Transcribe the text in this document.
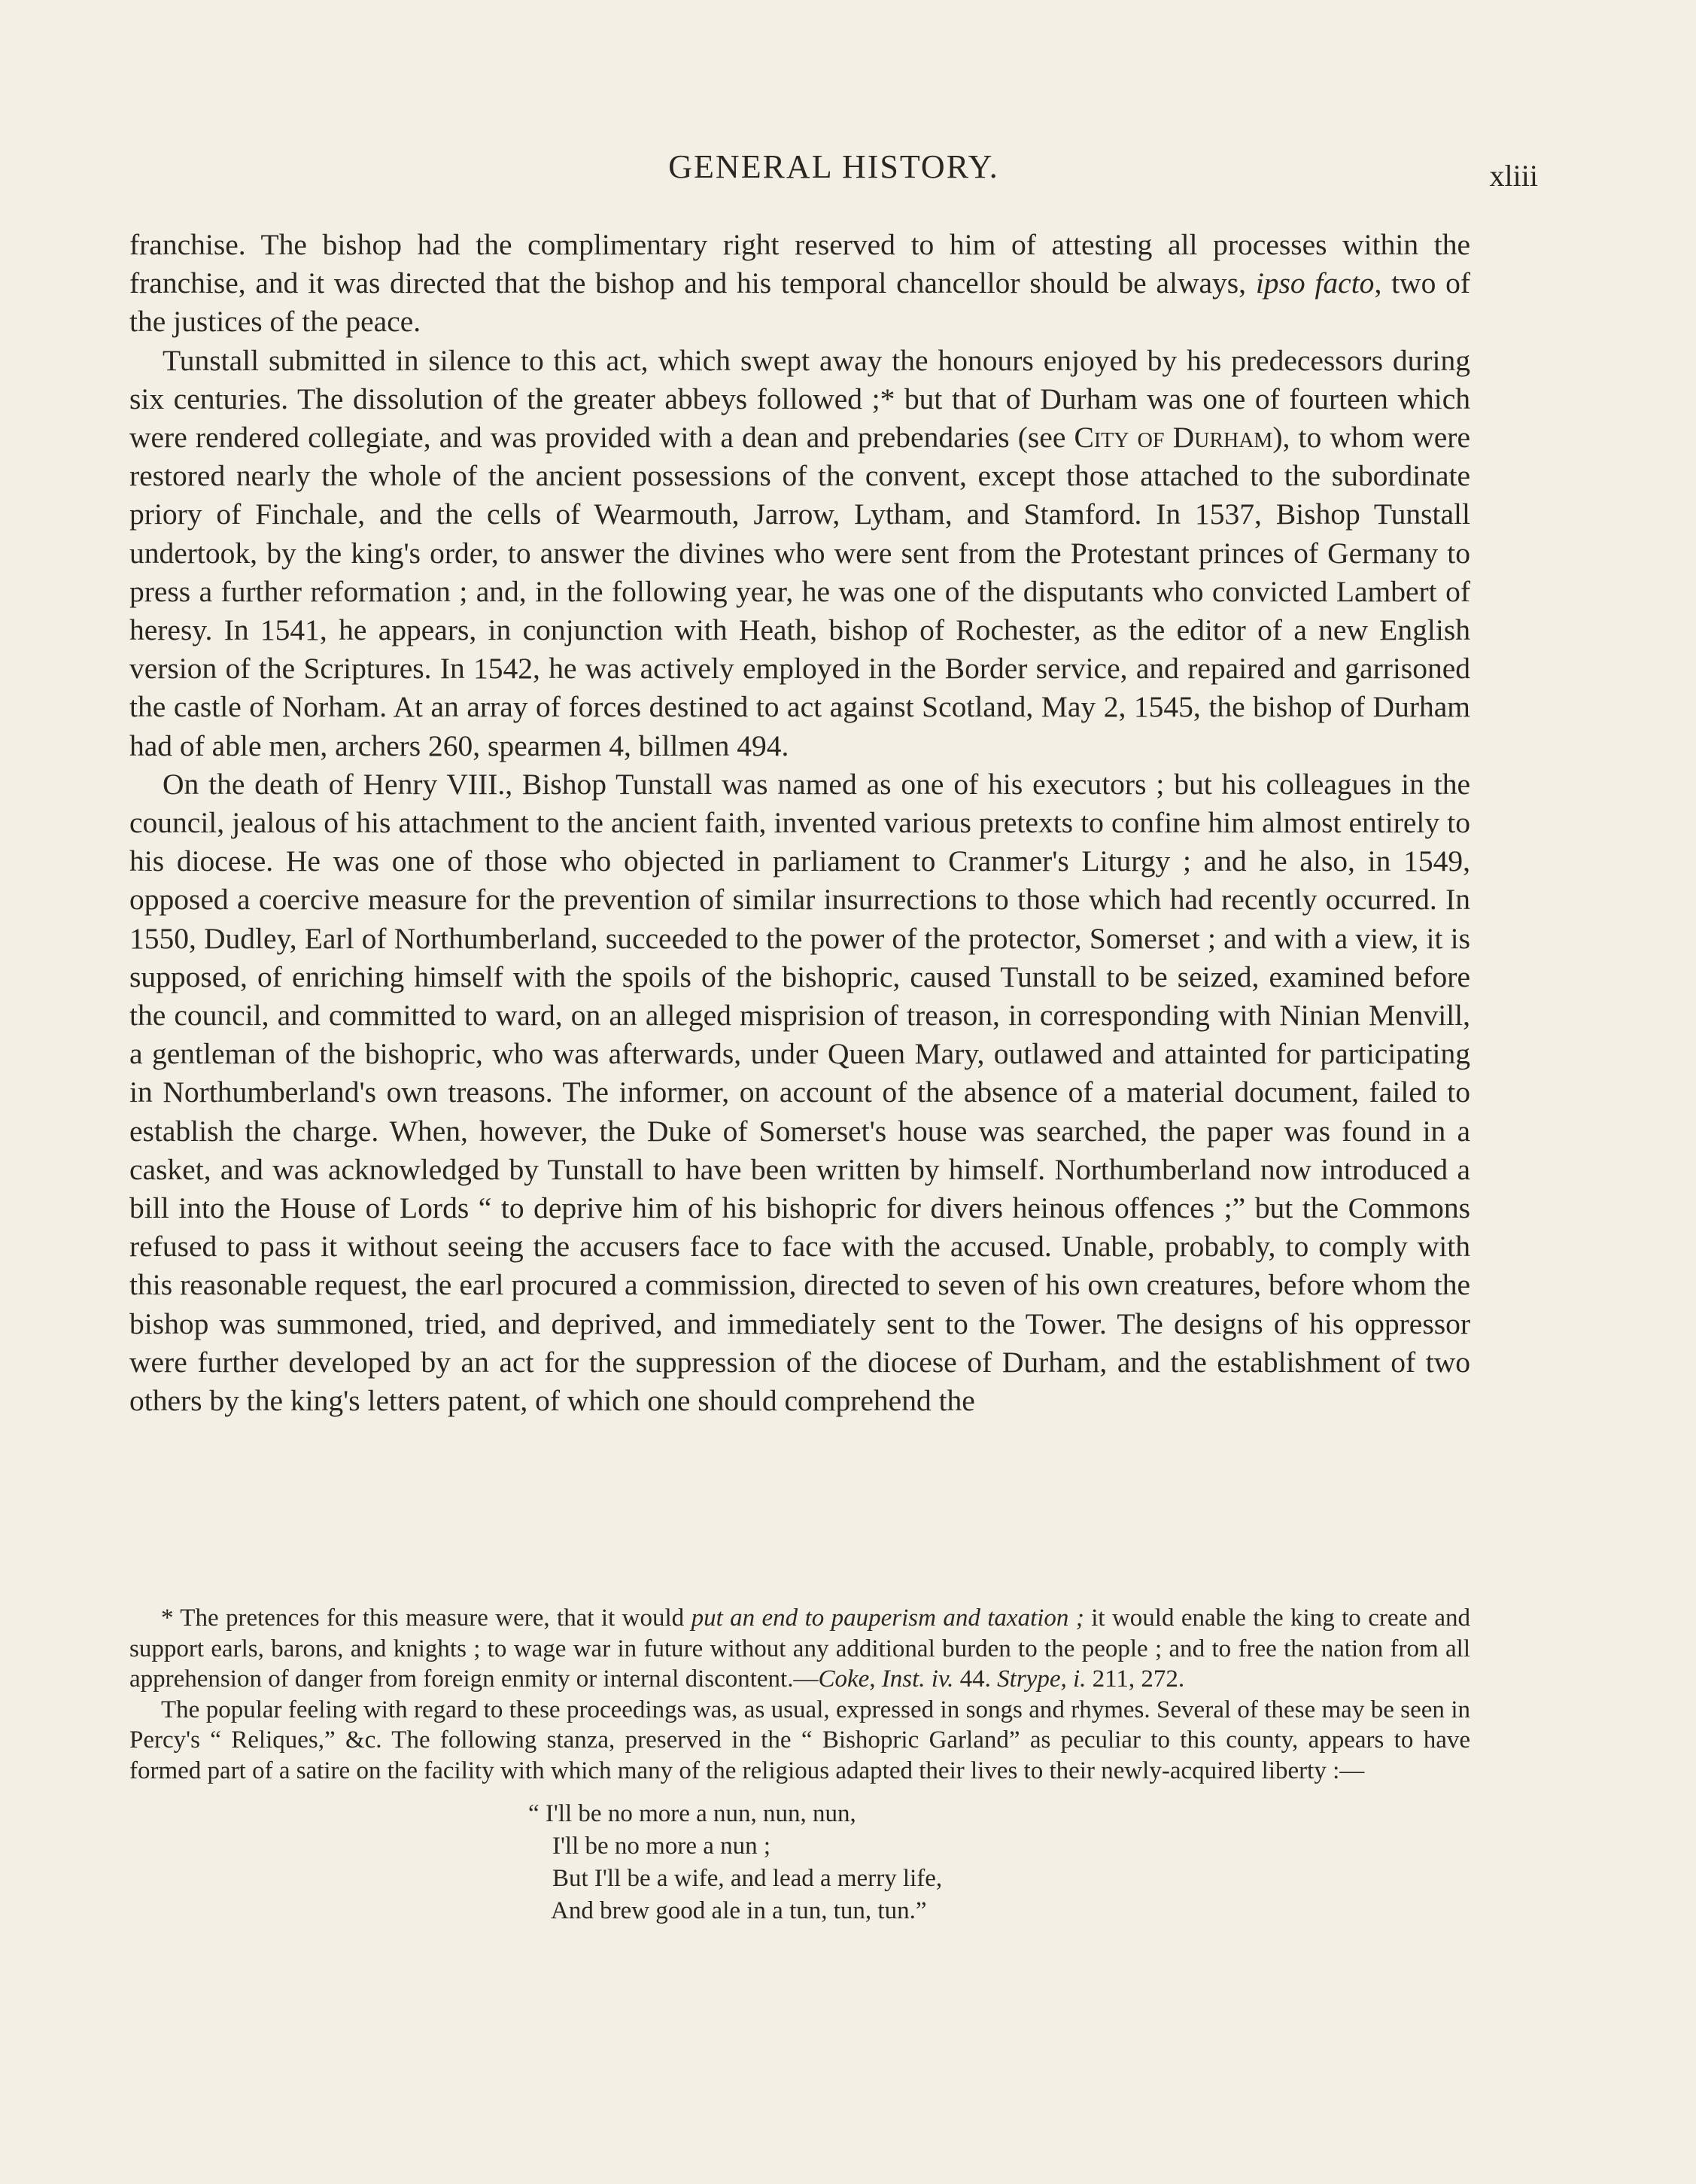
GENERAL HISTORY.	xliii

franchise. The bishop had the complimentary right reserved to him of attesting all processes within the franchise, and it was directed that the bishop and his temporal chancellor should be always, ipso facto, two of the justices of the peace.

Tunstall submitted in silence to this act, which swept away the honours enjoyed by his predecessors during six centuries. The dissolution of the greater abbeys followed ;* but that of Durham was one of fourteen which were rendered collegiate, and was provided with a dean and prebendaries (see City of Durham), to whom were restored nearly the whole of the ancient possessions of the convent, except those attached to the subordinate priory of Finchale, and the cells of Wearmouth, Jarrow, Lytham, and Stamford. In 1537, Bishop Tunstall undertook, by the king's order, to answer the divines who were sent from the Protestant princes of Germany to press a further reformation ; and, in the following year, he was one of the disputants who convicted Lambert of heresy. In 1541, he appears, in conjunction with Heath, bishop of Rochester, as the editor of a new English version of the Scriptures. In 1542, he was actively employed in the Border service, and repaired and garrisoned the castle of Norham. At an array of forces destined to act against Scotland, May 2, 1545, the bishop of Durham had of able men, archers 260, spearmen 4, billmen 494.

On the death of Henry VIII., Bishop Tunstall was named as one of his executors ; but his colleagues in the council, jealous of his attachment to the ancient faith, invented various pretexts to confine him almost entirely to his diocese. He was one of those who objected in parliament to Cranmer's Liturgy ; and he also, in 1549, opposed a coercive measure for the prevention of similar insurrections to those which had recently occurred. In 1550, Dudley, Earl of Northumberland, succeeded to the power of the protector, Somerset ; and with a view, it is supposed, of enriching himself with the spoils of the bishopric, caused Tunstall to be seized, examined before the council, and committed to ward, on an alleged misprision of treason, in corresponding with Ninian Menvill, a gentleman of the bishopric, who was afterwards, under Queen Mary, outlawed and attainted for participating in Northumberland's own treasons. The informer, on account of the absence of a material document, failed to establish the charge. When, however, the Duke of Somerset's house was searched, the paper was found in a casket, and was acknowledged by Tunstall to have been written by himself. Northumberland now introduced a bill into the House of Lords “ to deprive him of his bishopric for divers heinous offences ;” but the Commons refused to pass it without seeing the accusers face to face with the accused. Unable, probably, to comply with this reasonable request, the earl procured a commission, directed to seven of his own creatures, before whom the bishop was summoned, tried, and deprived, and immediately sent to the Tower. The designs of his oppressor were further developed by an act for the suppression of the diocese of Durham, and the establishment of two others by the king's letters patent, of which one should comprehend the

* The pretences for this measure were, that it would put an end to pauperism and taxation ; it would enable the king to create and support earls, barons, and knights ; to wage war in future without any additional burden to the people ; and to free the nation from all apprehension of danger from foreign enmity or internal discontent.—Coke, Inst. iv. 44. Strype, i. 211, 272.

The popular feeling with regard to these proceedings was, as usual, expressed in songs and rhymes. Several of these may be seen in Percy's “ Reliques,” &c. The following stanza, preserved in the “ Bishopric Garland” as peculiar to this county, appears to have formed part of a satire on the facility with which many of the religious adapted their lives to their newly-acquired liberty :—

“ I'll be no more a nun, nun, nun,
I'll be no more a nun ;
But I'll be a wife, and lead a merry life,
And brew good ale in a tun, tun, tun.”
